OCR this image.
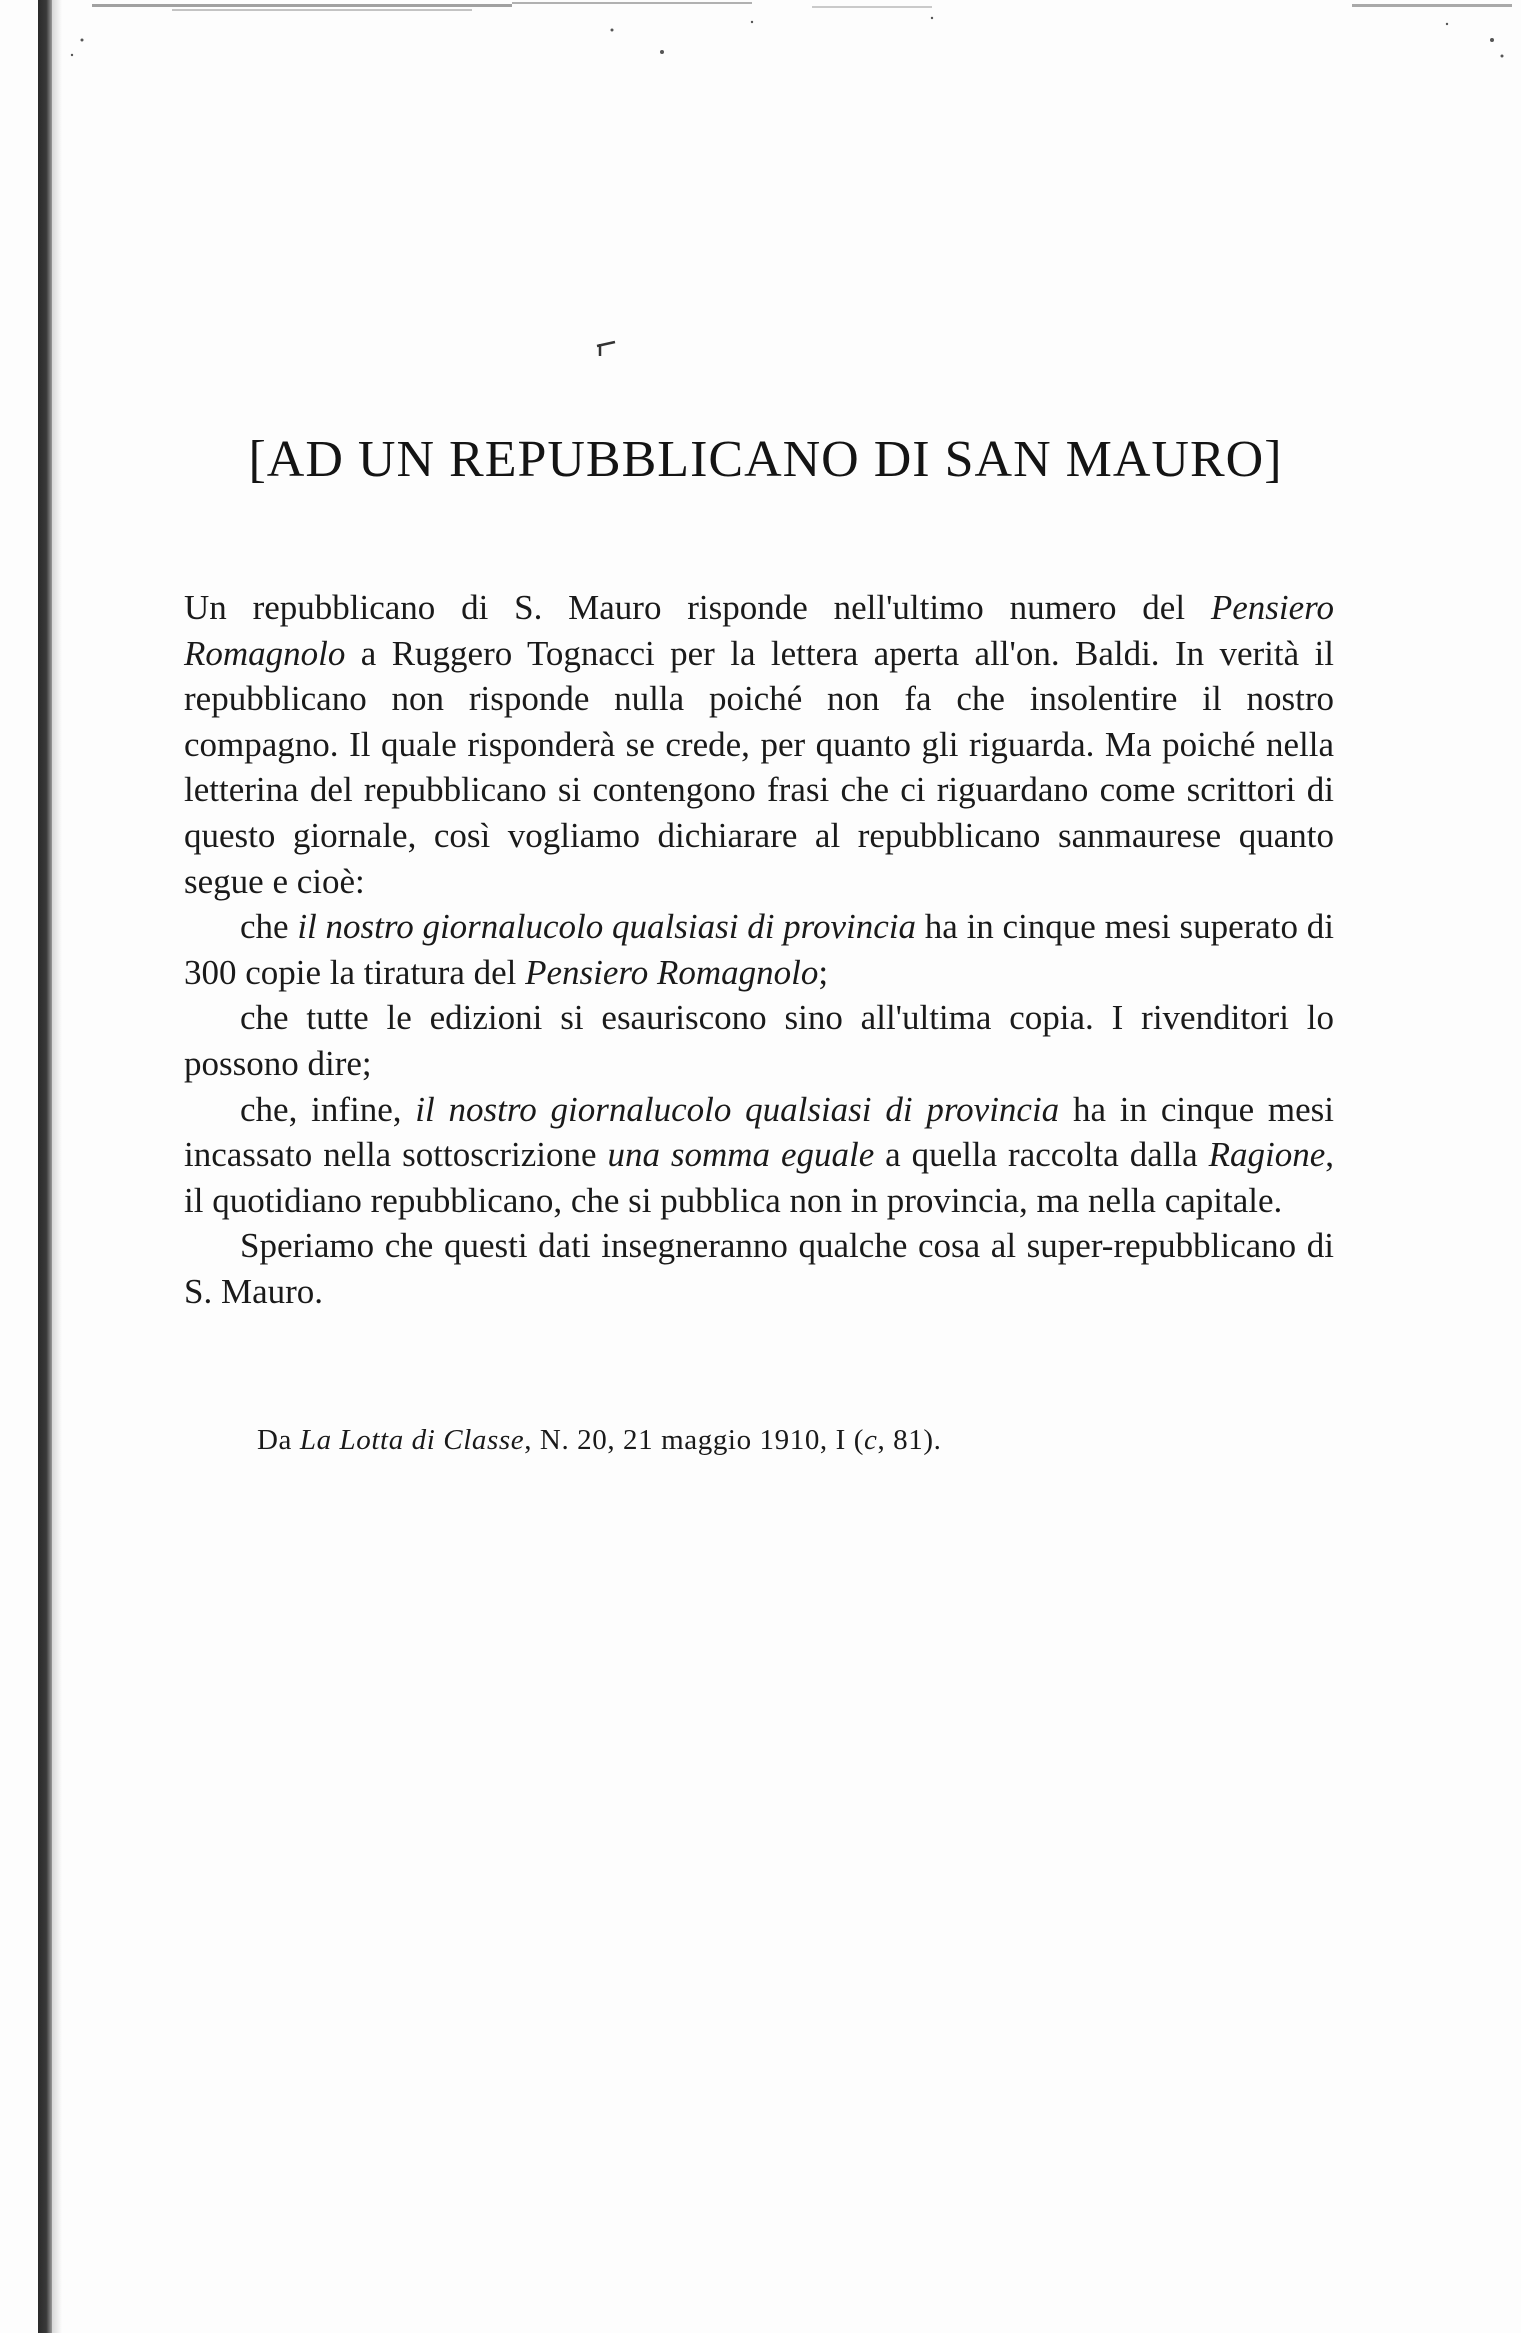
[AD UN REPUBBLICANO DI SAN MAURO]

Un repubblicano di S. Mauro risponde nell'ultimo numero del Pensiero Romagnolo a Ruggero Tognacci per la lettera aperta all'on. Baldi. In verità il repubblicano non risponde nulla poiché non fa che insolentire il nostro compagno. Il quale risponderà se crede, per quanto gli riguarda. Ma poiché nella letterina del repubblicano si contengono frasi che ci riguardano come scrittori di questo giornale, così vogliamo dichiarare al repubblicano sanmaurese quanto segue e cioè:

che il nostro giornalucolo qualsiasi di provincia ha in cinque mesi superato di 300 copie la tiratura del Pensiero Romagnolo;

che tutte le edizioni si esauriscono sino all'ultima copia. I rivenditori lo possono dire;

che, infine, il nostro giornalucolo qualsiasi di provincia ha in cinque mesi incassato nella sottoscrizione una somma eguale a quella raccolta dalla Ragione, il quotidiano repubblicano, che si pubblica non in provincia, ma nella capitale.

Speriamo che questi dati insegneranno qualche cosa al super-repubblicano di S. Mauro.

Da La Lotta di Classe, N. 20, 21 maggio 1910, I (c, 81).
